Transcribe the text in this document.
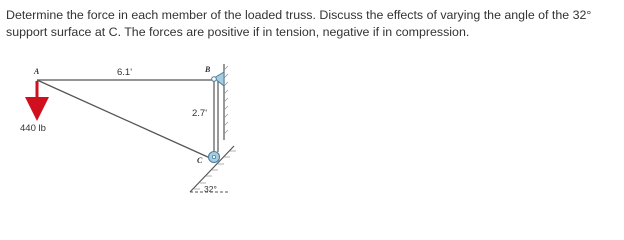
Determine the force in each member of the loaded truss. Discuss the effects of varying the angle of the 32° support surface at C. The forces are positive if in tension, negative if in compression.

A	B
C
6.1'
2.7'
440 lb
32°
